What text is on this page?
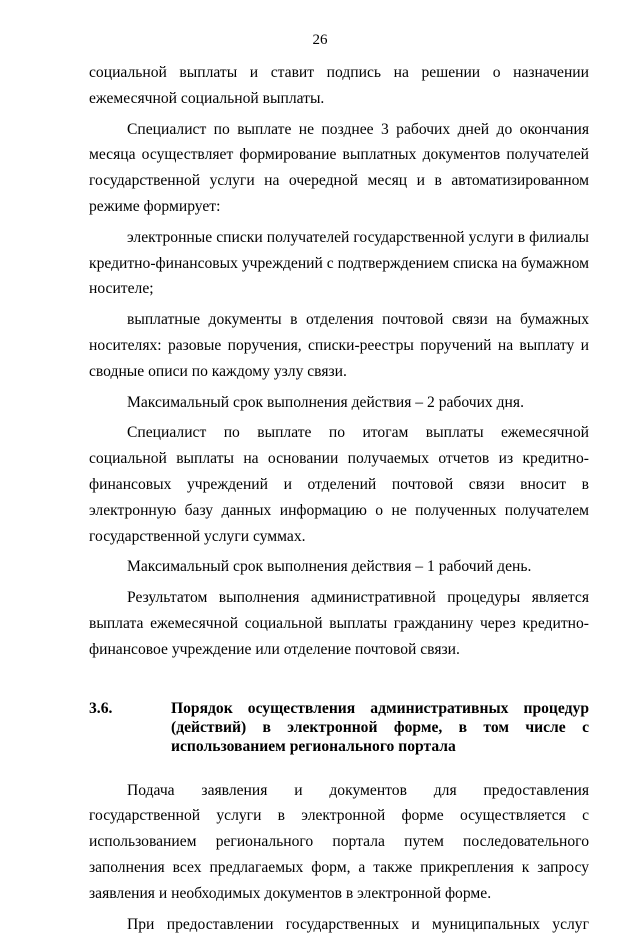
26

социальной выплаты и ставит подпись на решении о назначении ежемесячной социальной выплаты.

Специалист по выплате не позднее 3 рабочих дней до окончания месяца осуществляет формирование выплатных документов получателей государственной услуги на очередной месяц и в автоматизированном режиме формирует:

электронные списки получателей государственной услуги в филиалы кредитно-финансовых учреждений с подтверждением списка на бумажном носителе;

выплатные документы в отделения почтовой связи на бумажных носителях: разовые поручения, списки-реестры поручений на выплату и сводные описи по каждому узлу связи.

Максимальный срок выполнения действия – 2 рабочих дня.

Специалист по выплате по итогам выплаты ежемесячной социальной выплаты на основании получаемых отчетов из кредитно-финансовых учреждений и отделений почтовой связи вносит в электронную базу данных информацию о не полученных получателем государственной услуги суммах.

Максимальный срок выполнения действия – 1 рабочий день.

Результатом выполнения административной процедуры является выплата ежемесячной социальной выплаты гражданину через кредитно-финансовое учреждение или отделение почтовой связи.

3.6.	Порядок осуществления административных процедур (действий) в электронной форме, в том числе с использованием регионального портала

Подача заявления и документов для предоставления государственной услуги в электронной форме осуществляется с использованием регионального портала путем последовательного заполнения всех предлагаемых форм, а также прикрепления к запросу заявления и необходимых документов в электронной форме.

При предоставлении государственных и муниципальных услуг
